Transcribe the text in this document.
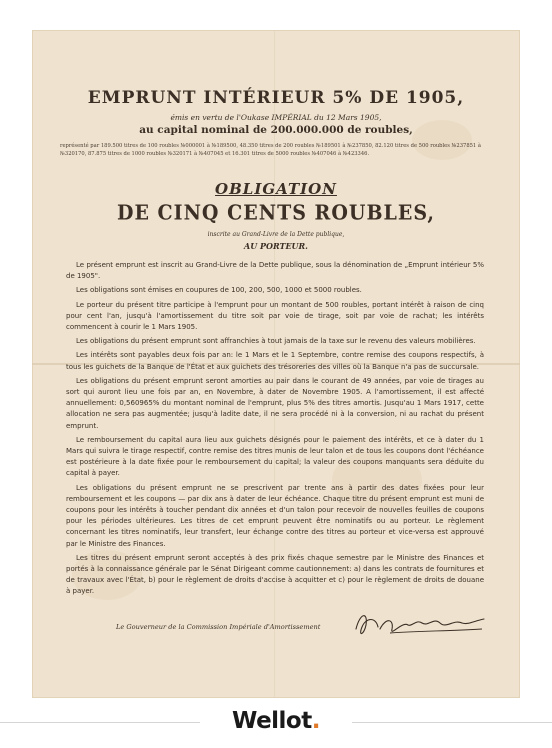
EMPRUNT INTÉRIEUR 5% DE 1905,
émis en vertu de l'Oukase IMPÉRIAL du 12 Mars 1905,
au capital nominal de 200.000.000 de roubles,
représenté par 189.500 titres de 100 roubles №000001 à №189500, 48.350 titres de 200 roubles №189501 à №237850, 82.120 titres de 500 roubles №237851 à №320170, 87.875 titres de 1000 roubles №320171 à №407045 et 16.301 titres de 5000 roubles №407046 à №423346.
OBLIGATION
DE CINQ CENTS ROUBLES,
inscrite au Grand-Livre de la Dette publique,
AU PORTEUR.

Le présent emprunt est inscrit au Grand-Livre de la Dette publique, sous la dénomination de „Emprunt intérieur 5% de 1905".

Les obligations sont émises en coupures de 100, 200, 500, 1000 et 5000 roubles.

Le porteur du présent titre participe à l'emprunt pour un montant de 500 roubles, portant intérêt à raison de cinq pour cent l'an, jusqu'à l'amortissement du titre soit par voie de tirage, soit par voie de rachat; les intérêts commencent à courir le 1 Mars 1905.

Les obligations du présent emprunt sont affranchies à tout jamais de la taxe sur le revenu des valeurs mobilières.

Les intérêts sont payables deux fois par an: le 1 Mars et le 1 Septembre, contre remise des coupons respectifs, à tous les guichets de la Banque de l'État et aux guichets des trésoreries des villes où la Banque n'a pas de succursale.

Les obligations du présent emprunt seront amorties au pair dans le courant de 49 années, par voie de tirages au sort qui auront lieu une fois par an, en Novembre, à dater de Novembre 1905. A l'amortissement, il est affecté annuellement: 0,560965% du montant nominal de l'emprunt, plus 5% des titres amortis. Jusqu'au 1 Mars 1917, cette allocation ne sera pas augmentée; jusqu'à ladite date, il ne sera procédé ni à la conversion, ni au rachat du présent emprunt.

Le remboursement du capital aura lieu aux guichets désignés pour le paiement des intérêts, et ce à dater du 1 Mars qui suivra le tirage respectif, contre remise des titres munis de leur talon et de tous les coupons dont l'échéance est postérieure à la date fixée pour le remboursement du capital; la valeur des coupons manquants sera déduite du capital à payer.

Les obligations du présent emprunt ne se prescrivent par trente ans à partir des dates fixées pour leur remboursement et les coupons — par dix ans à dater de leur échéance. Chaque titre du présent emprunt est muni de coupons pour les intérêts à toucher pendant dix années et d'un talon pour recevoir de nouvelles feuilles de coupons pour les périodes ultérieures. Les titres de cet emprunt peuvent être nominatifs ou au porteur. Le règlement concernant les titres nominatifs, leur transfert, leur échange contre des titres au porteur et vice-versa est approuvé par le Ministre des Finances.

Les titres du présent emprunt seront acceptés à des prix fixés chaque semestre par le Ministre des Finances et portés à la connaissance générale par le Sénat Dirigeant comme cautionnement: a) dans les contrats de fournitures et de travaux avec l'État, b) pour le règlement de droits d'accise à acquitter et c) pour le règlement de droits de douane à payer.

Le Gouverneur de la Commission Impériale d'Amortissement
Wellot.
